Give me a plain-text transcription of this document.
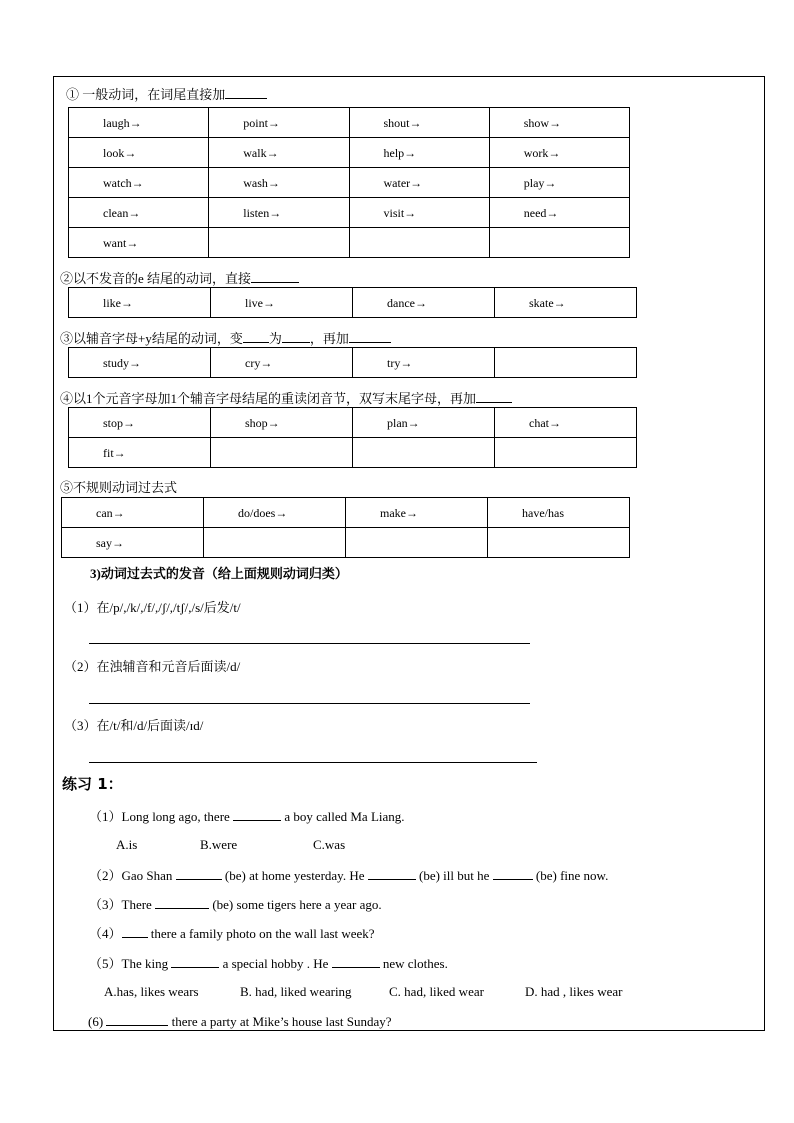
① 一般动词，在词尾直接加
laugh→	point→	shout→	show→
look→	walk→	help→	work→
watch→	wash→	water→	play→
clean→	listen→	visit→	need→
want→			
②以不发音的e 结尾的动词，直接
like→	live→	dance→	skate→
③以辅音字母+y结尾的动词，变 为 ，再加
study→	cry→	try→	
④以1个元音字母加1个辅音字母结尾的重读闭音节，双写末尾字母，再加
stop→	shop→	plan→	chat→
fit→			
⑤不规则动词过去式
can→	do/does→	make→	have/has
say→			
3)动词过去式的发音（给上面规则动词归类）
（1）在/p/,/k/,/f/,/ʃ/,/tʃ/,/s/后发/t/
（2）在浊辅音和元音后面读/d/
（3）在/t/和/d/后面读/ɪd/
练习 1：
（1）Long long ago, there	a boy called Ma Liang.
A.is	B.were	C.was
（2）Gao Shan	(be) at home yesterday. He	(be) ill but he	(be) fine now.
（3）There	(be) some tigers here a year ago.
（4） there a family photo on the wall last week?
（5）The king	a special hobby . He	new clothes.
A.has, likes wears	B. had, liked wearing	C. had, liked wear	D. had , likes wear
(6)	there a party at Mike’s house last Sunday?
